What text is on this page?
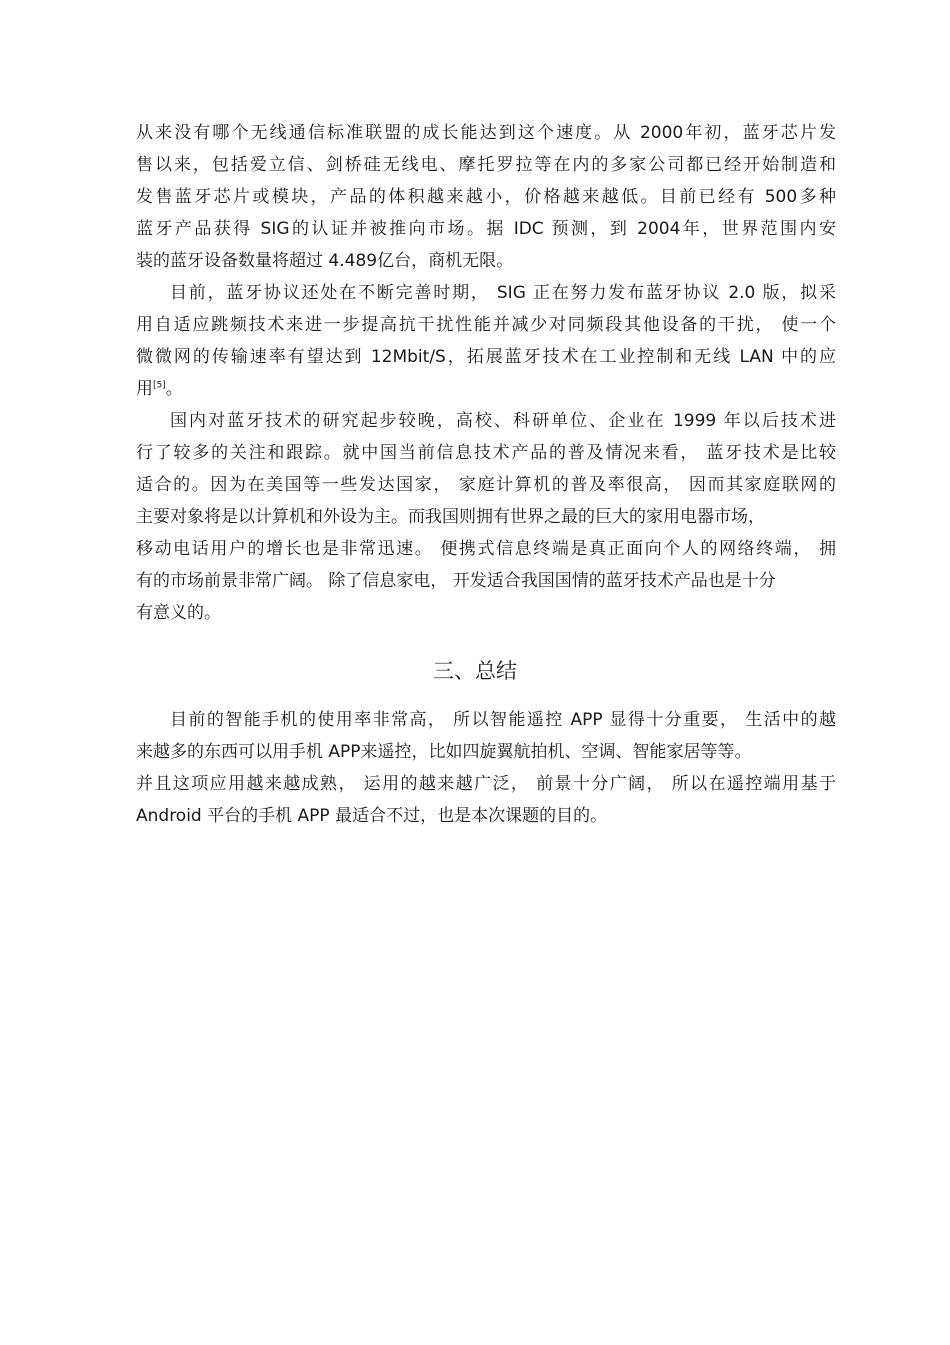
从来没有哪个无线通信标准联盟的成长能达到这个速度。从 2000年初，蓝牙芯片发
售以来，包括爱立信、剑桥硅无线电、摩托罗拉等在内的多家公司都已经开始制造和
发售蓝牙芯片或模块，产品的体积越来越小，价格越来越低。目前已经有 500多种
蓝牙产品获得 SIG的认证并被推向市场。据 IDC 预测，到 2004年，世界范围内安
装的蓝牙设备数量将超过 4.489亿台，商机无限。
目前，蓝牙协议还处在不断完善时期， SIG 正在努力发布蓝牙协议 2.0 版，拟采
用自适应跳频技术来进一步提高抗干扰性能并减少对同频段其他设备的干扰， 使一个
微微网的传输速率有望达到 12Mbit/S，拓展蓝牙技术在工业控制和无线 LAN 中的应
用[5]。
国内对蓝牙技术的研究起步较晚，高校、科研单位、企业在 1999 年以后技术进
行了较多的关注和跟踪。就中国当前信息技术产品的普及情况来看， 蓝牙技术是比较
适合的。因为在美国等一些发达国家， 家庭计算机的普及率很高， 因而其家庭联网的
主要对象将是以计算机和外设为主。而我国则拥有世界之最的巨大的家用电器市场，
移动电话用户的增长也是非常迅速。 便携式信息终端是真正面向个人的网络终端， 拥
有的市场前景非常广阔。 除了信息家电， 开发适合我国国情的蓝牙技术产品也是十分
有意义的。
三、总结
目前的智能手机的使用率非常高， 所以智能遥控 APP 显得十分重要， 生活中的越
来越多的东西可以用手机 APP来遥控，比如四旋翼航拍机、空调、智能家居等等。
并且这项应用越来越成熟， 运用的越来越广泛， 前景十分广阔， 所以在遥控端用基于
Android 平台的手机 APP 最适合不过，也是本次课题的目的。
